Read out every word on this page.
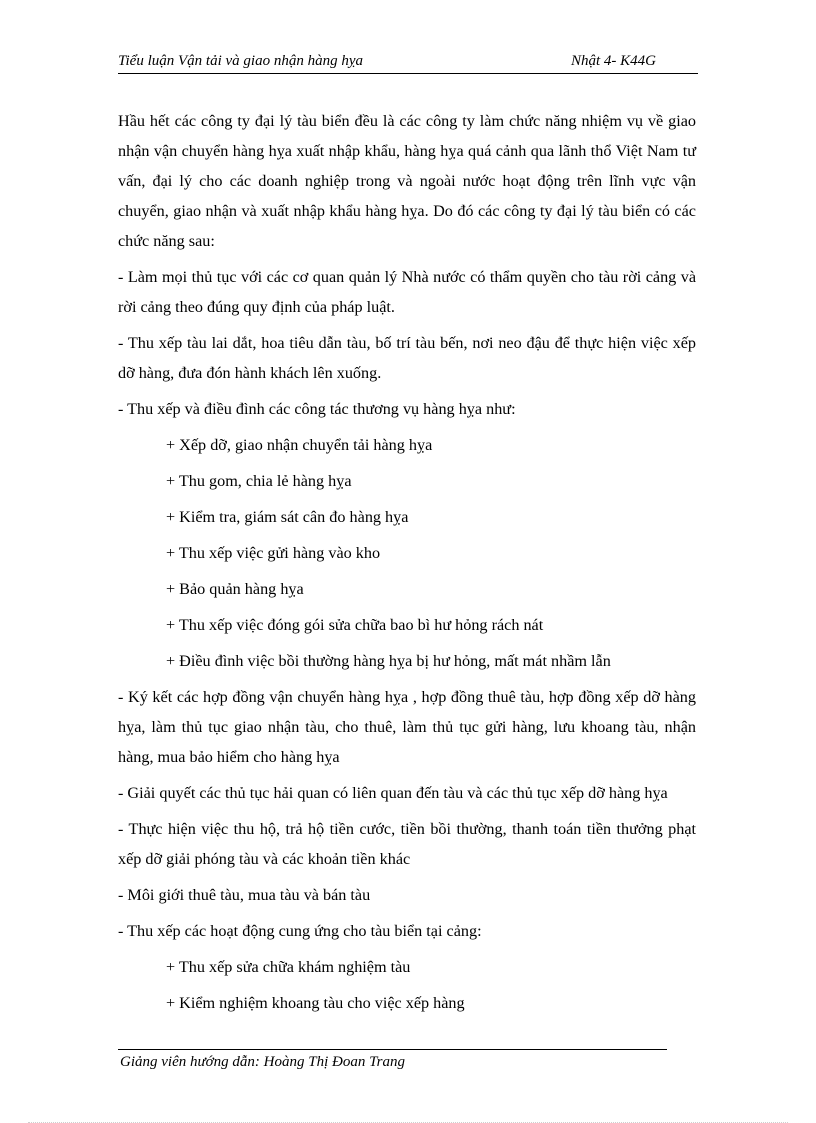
Tiểu luận Vận tải và giao nhận hàng hỵa	Nhật 4- K44G

Hầu hết các công ty đại lý tàu biển đều là các công ty làm chức năng nhiệm vụ về giao nhận vận chuyển hàng hỵa xuất nhập khẩu, hàng hỵa quá cảnh qua lãnh thổ Việt Nam tư vấn, đại lý cho các doanh nghiệp trong và ngoài nước hoạt động trên lĩnh vực vận chuyển, giao nhận và xuất nhập khẩu hàng hỵa. Do đó các công ty đại lý tàu biển có các chức năng sau:

- Làm mọi thủ tục với các cơ quan quản lý Nhà nước có thẩm quyền cho tàu rời cảng và rời cảng theo đúng quy định của pháp luật.

- Thu xếp tàu lai dắt, hoa tiêu dẫn tàu, bố trí tàu bến, nơi neo đậu để thực hiện việc xếp dỡ hàng, đưa đón hành khách lên xuống.

- Thu xếp và điều đình các công tác thương vụ hàng hỵa như:

+ Xếp dỡ, giao nhận chuyển tải hàng hỵa

+ Thu gom, chia lẻ hàng hỵa

+ Kiểm tra, giám sát cân đo hàng hỵa

+ Thu xếp việc gửi hàng vào kho

+ Bảo quản hàng hỵa

+ Thu xếp việc đóng gói sửa chữa bao bì hư hỏng rách nát

+ Điều đình việc bồi thường hàng hỵa bị hư hỏng, mất mát nhầm lẫn

- Ký kết các hợp đồng vận chuyển hàng hỵa , hợp đồng thuê tàu, hợp đồng xếp dỡ hàng hỵa, làm thủ tục giao nhận tàu, cho thuê, làm thủ tục gửi hàng, lưu khoang tàu, nhận hàng, mua bảo hiểm cho hàng hỵa

- Giải quyết các thủ tục hải quan có liên quan đến tàu và các thủ tục xếp dỡ hàng hỵa

- Thực hiện việc thu hộ, trả hộ tiền cước, tiền bồi thường, thanh toán tiền thưởng phạt xếp dỡ giải phóng tàu và các khoản tiền khác

- Môi giới thuê tàu, mua tàu và bán tàu

- Thu xếp các hoạt động cung ứng cho tàu biển tại cảng:

+ Thu xếp sửa chữa khám nghiệm tàu

+ Kiểm nghiệm khoang tàu cho việc xếp hàng

Giảng viên hướng dẫn: Hoàng Thị Đoan Trang
